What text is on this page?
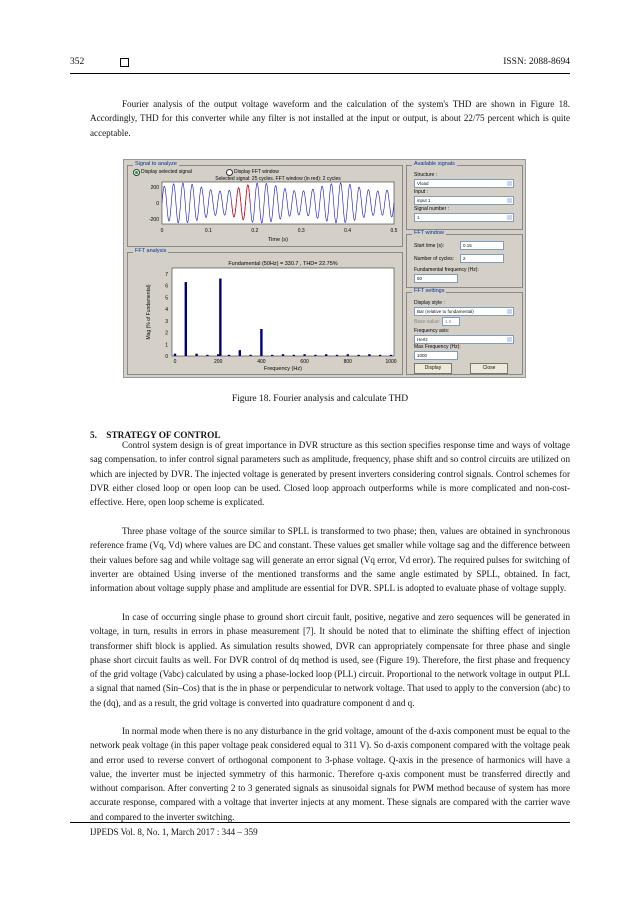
352	ISSN: 2088-8694
Fourier analysis of the output voltage waveform and the calculation of the system's THD are shown in Figure 18. Accordingly, THD for this converter while any filter is not installed at the input or output, is about 22/75 percent which is quite acceptable.
Signal to analyze
Display selected signal	Display FFT window
Selected signal: 25 cycles. FFT window (in red): 2 cycles
200
0
-200
0	0.1	0.2	0.3	0.4	0.5
Time (s)
FFT analysis
Fundamental (50Hz) = 330.7 , THD= 22.75%
Mag (% of Fundamental)
Frequency (Hz)
7
6
5
4
3
2
1
0
0	200	400	600	800	1000
Available signals
Structure :
Vload
Input :
input 1
Signal number :
1
FFT window
Start time (s):	0.15
Number of cycles:	2
Fundamental frequency (Hz):
50
FFT settings
Display style :
Bar (relative to fundamental)
Base value:	1.0
Frequency axis:
Hertz
Max Frequency (Hz):
1000
Display	Close
Figure 18. Fourier analysis and calculate THD
5.    STRATEGY OF CONTROL
Control system design is of great importance in DVR structure as this section specifies response time and ways of voltage sag compensation. to infer control signal parameters such as amplitude, frequency, phase shift and so control circuits are utilized on which are injected by DVR. The injected voltage is generated by present inverters considering control signals. Control schemes for DVR either closed loop or open loop can be used. Closed loop approach outperforms while is more complicated and non-cost-effective. Here, open loop scheme is explicated.
Three phase voltage of the source similar to SPLL is transformed to two phase; then, values are obtained in synchronous reference frame (Vq, Vd) where values are DC and constant. These values get smaller while voltage sag and the difference between their values before sag and while voltage sag will generate an error signal (Vq error, Vd error). The required pulses for switching of inverter are obtained Using inverse of the mentioned transforms and the same angle estimated by SPLL, obtained. In fact, information about voltage supply phase and amplitude are essential for DVR. SPLL is adopted to evaluate phase of voltage supply.
In case of occurring single phase to ground short circuit fault, positive, negative and zero sequences will be generated in voltage, in turn, results in errors in phase measurement [7]. It should be noted that to eliminate the shifting effect of injection transformer shift block is applied. As simulation results showed, DVR can appropriately compensate for three phase and single phase short circuit faults as well. For DVR control of dq method is used, see (Figure 19). Therefore, the first phase and frequency of the grid voltage (Vabc) calculated by using a phase-locked loop (PLL) circuit. Proportional to the network voltage in output PLL a signal that named (Sin–Cos) that is the in phase or perpendicular to network voltage. That used to apply to the conversion (abc) to the (dq), and as a result, the grid voltage is converted into quadrature component d and q.
In normal mode when there is no any disturbance in the grid voltage, amount of the d-axis component must be equal to the network peak voltage (in this paper voltage peak considered equal to 311 V). So d-axis component compared with the voltage peak and error used to reverse convert of orthogonal component to 3-phase voltage. Q-axis in the presence of harmonics will have a value, the inverter must be injected symmetry of this harmonic. Therefore q-axis component must be transferred directly and without comparison. After converting 2 to 3 generated signals as sinusoidal signals for PWM method because of system has more accurate response, compared with a voltage that inverter injects at any moment. These signals are compared with the carrier wave and compared to the inverter switching.
IJPEDS Vol. 8, No. 1, March 2017 : 344 – 359
